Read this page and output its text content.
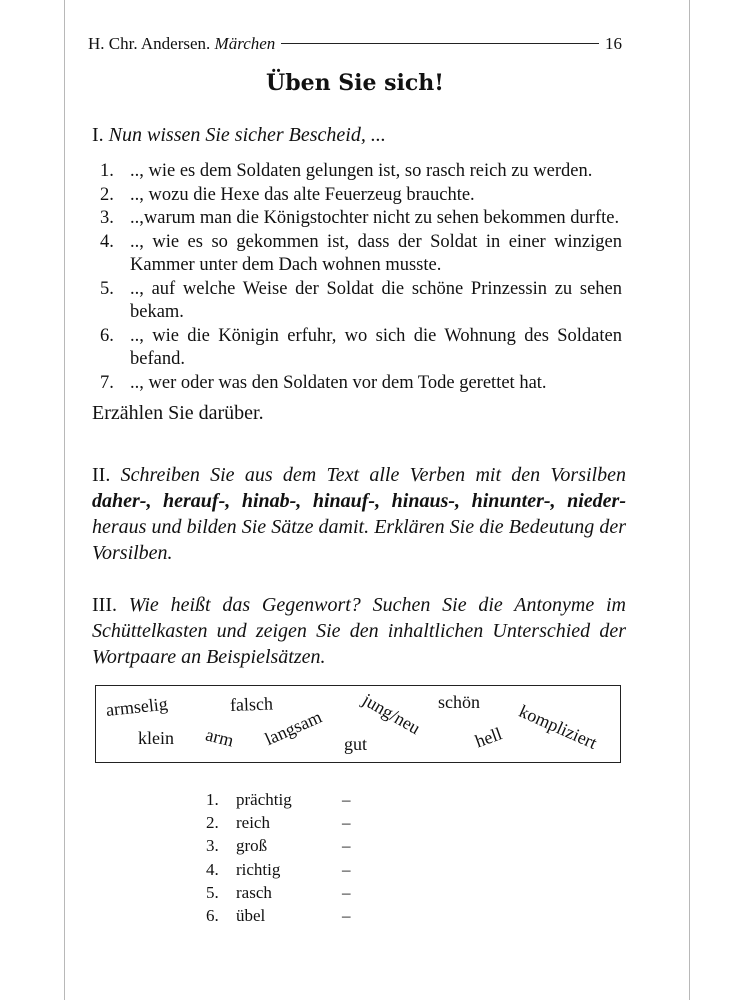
H. Chr. Andersen. Märchen	16
Üben Sie sich!
I. Nun wissen Sie sicher Bescheid, ...
1. .., wie es dem Soldaten gelungen ist, so rasch reich zu werden.
2. .., wozu die Hexe das alte Feuerzeug brauchte.
3. ..,warum man die Königstochter nicht zu sehen bekommen durfte.
4. .., wie es so gekommen ist, dass der Soldat in einer winzigen Kammer unter dem Dach wohnen musste.
5. .., auf welche Weise der Soldat die schöne Prinzessin zu sehen bekam.
6. .., wie die Königin erfuhr, wo sich die Wohnung des Soldaten befand.
7. .., wer oder was den Soldaten vor dem Tode gerettet hat.
Erzählen Sie darüber.
II. Schreiben Sie aus dem Text alle Verben mit den Vorsilben daher-, herauf-, hinab-, hinauf-, hinaus-, hinunter-, nieder- heraus und bilden Sie Sätze damit. Erklären Sie die Bedeutung der Vorsilben.
III. Wie heißt das Gegenwort? Suchen Sie die Antonyme im Schüttelkasten und zeigen Sie den inhaltlichen Unterschied der Wortpaare an Beispielsätzen.
armselig	falsch	jung/neu schön kompliziert
klein arm langsam gut	hell
1. prächtig	–
2. reich	–
3. groß	–
4. richtig	–
5. rasch	–
6. übel	–
